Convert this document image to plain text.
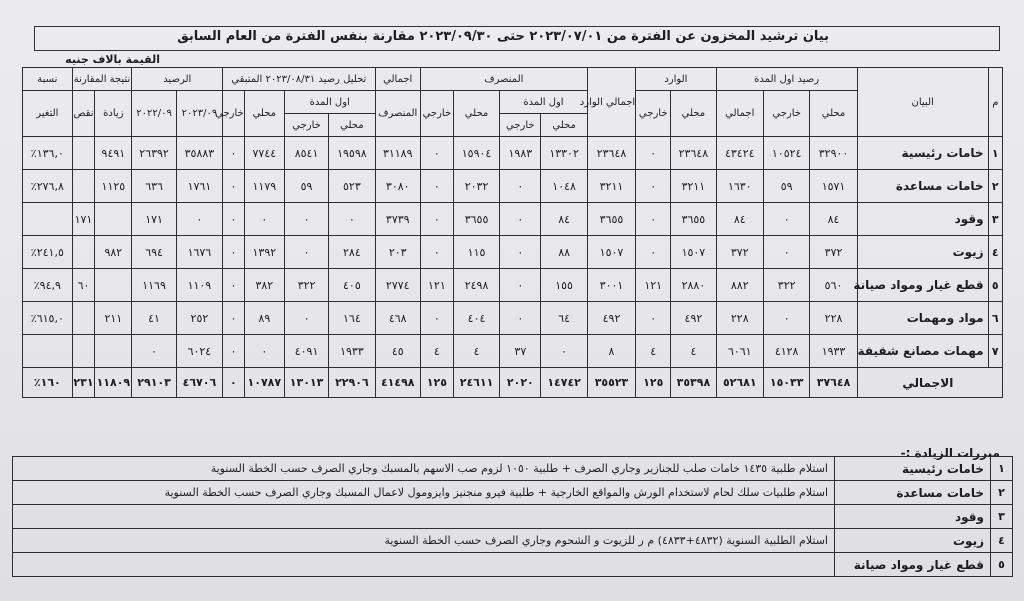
بيان ترشيد المخزون عن الفترة من ٢٠٢٣/٠٧/٠١ حتى ٢٠٢٣/٠٩/٣٠ مقارنة بنفس الفترة من العام السابق
القيمة بالاف جنيه
م	البيان	رصيد اول المدة			الوارد		اجمالي الوارد	المنصرف				اجمالي	تحليل رصيد ٢٠٢٣/٠٨/٣١ المتبقي				الرصيد		نتيجة المقارنة		نسبة
		محلي	خارجي	اجمالي	محلي	خارجي		اول المدة		محلي	خارجي	المنصرف	اول المدة		محلي	خارجي	٢٠٢٣/٠٩	٢٠٢٢/٠٩	زيادة	نقص	التغير
								محلي	خارجي				محلي	خارجي							
١	خامات رئيسية	٣٢٩٠٠	١٠٥٢٤	٤٣٤٢٤	٢٣٦٤٨	٠	٢٣٦٤٨	١٣٣٠٢	١٩٨٣	١٥٩٠٤	٠	٣١١٨٩	١٩٥٩٨	٨٥٤١	٧٧٤٤	٠	٣٥٨٨٣	٢٦٣٩٢	٩٤٩١		١٣٦,٠٪
٢	خامات مساعدة	١٥٧١	٥٩	١٦٣٠	٣٢١١	٠	٣٢١١	١٠٤٨	٠	٢٠٣٢	٠	٣٠٨٠	٥٢٣	٥٩	١١٧٩	٠	١٧٦١	٦٣٦	١١٢٥		٢٧٦,٨٪
٣	وقود	٨٤	٠	٨٤	٣٦٥٥	٠	٣٦٥٥	٨٤	٠	٣٦٥٥	٠	٣٧٣٩	٠	٠	٠	٠	٠	١٧١		١٧١	
٤	زيوت	٣٧٢	٠	٣٧٢	١٥٠٧	٠	١٥٠٧	٨٨	٠	١١٥	٠	٢٠٣	٢٨٤	٠	١٣٩٢	٠	١٦٧٦	٦٩٤	٩٨٢		٢٤١,٥٪
٥	قطع غيار ومواد صيانة	٥٦٠	٣٢٢	٨٨٢	٢٨٨٠	١٢١	٣٠٠١	١٥٥	٠	٢٤٩٨	١٢١	٢٧٧٤	٤٠٥	٣٢٢	٣٨٢	٠	١١٠٩	١١٦٩		٦٠	٩٤,٩٪
٦	مواد ومهمات	٢٢٨	٠	٢٢٨	٤٩٢	٠	٤٩٢	٦٤	٠	٤٠٤	٠	٤٦٨	١٦٤	٠	٨٩	٠	٢٥٢	٤١	٢١١		٦١٥,٠٪
٧	مهمات مصانع شقيقة	١٩٣٣	٤١٢٨	٦٠٦١	٤	٤	٨	٠	٣٧	٤	٤	٤٥	١٩٣٣	٤٠٩١	٠	٠	٦٠٢٤	٠			
الاجمالي		٣٧٦٤٨	١٥٠٣٣	٥٢٦٨١	٣٥٣٩٨	١٢٥	٣٥٥٢٣	١٤٧٤٢	٢٠٢٠	٢٤٦١١	١٢٥	٤١٤٩٨	٢٢٩٠٦	١٣٠١٣	١٠٧٨٧	٠	٤٦٧٠٦	٢٩١٠٣	١١٨٠٩	٢٣١	١٦٠٪
مبررات الزيادة :-
١	خامات رئيسية	استلام طلبية ١٤٣٥ خامات صلب للجنازير وجاري الصرف + طلبية ١٠٥٠ لزوم صب الاسهم بالمسبك وجاري الصرف حسب الخطة السنوية
٢	خامات مساعدة	استلام طلبيات سلك لحام لاستخدام الورش والمواقع الخارجية + طلبية فيرو منجنيز وايزومول لاعمال المسبك وجاري الصرف حسب الخطة السنوية
٣	وقود	
٤	زيوت	استلام الطلبية السنوية (٤٨٣٢+٤٨٣٣) م ر للزيوت و الشحوم وجاري الصرف حسب الخطة السنوية
٥	قطع غيار ومواد صيانة	
